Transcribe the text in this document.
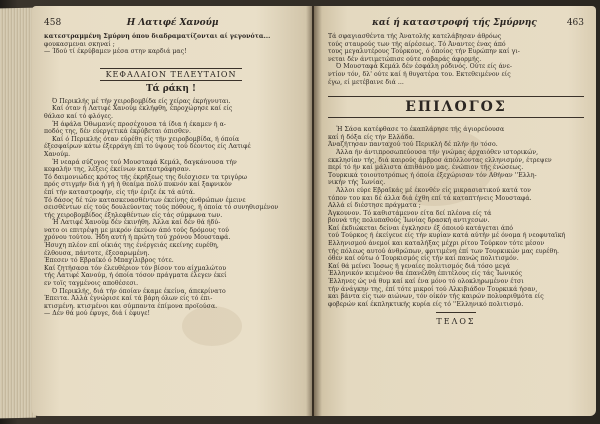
458	Η Λατιφέ Χανούμ
κατεστραμμένη Σμύρνη όπου διαδραματίζονται αί γεγονότα...
φουκασμεναι σκηναί ;
— Ίδού τί έκρύβαμεν μέσα στην καρδιά μας!
ΚΕΦΑΛΑΙΟΝ ΤΕΛΕΥΤΑΙΟΝ
Τά ράκη !
Ό Περικλής μέ τήν χειροβομβίδα είς χείρας έκρήγνυται.
Καί όταν ή Λατιφέ Χανούμ έκλήφθη, έπροχώρησε καί είς
θάλασ καί τό φλόγες.
Ή άφάλα Όθωμανίς προσέχουσα τά ίδια ή έκαμεν ή α-
ποδός της, δέν εύεργετικά έκρύβεται όπισθεν.
Καί ό Περικλής όταν εύρέθη είς τήν χειροβομβίδα, ή όποία
έξεσφαίρων κάτω έξερράγη έπί το ύψους τού δέοντος είς Λατιφέ
Χανούμ.
Ή νεαρά σύζυγος τού Μουσταφά Κεμάλ, δαγκάνουσα τήν
κεφαλήν της, λέξεις έκείνων κατεστράφησαν.
Τό δαιμονιώδες κρότος τής έκρήξεως της διέσχισεν τα τριγύρω
πρός στιγμήν διά ή γή ή θεαίμα πολύ πυκνόν καί ξαφνικόν
έπί τήν καταστροφήν, είς τήν έριζε έκ τά αύτά.
Τό δάσος δέ τών κατασκευασθέντων έκείνης άνθρώπων έμεινε
σεισθέντων είς τούς δουλεύοντας τούς πόθους, ή όποία τό συνηθισμένον
τής χειροβομβίδος έξηλεφθέντων είς τάς σύμφωνα των.
Ή Λατιφέ Χανούμ δέν έκινήθη. Άλλα καί δέν θά ήδύ-
νατο οι επιτρέψη με μικρόν έκεύων άπό τούς δρόμους τού
χρόνου τούτου. Ήδη αυτή ή πρώτη τού χρόνου Μουσταφά.
Ήσυχη πλέον επί οίκιάς της ένέργειάς εκείνης ευρέθη,
έλθουσα, πάντοτε, έξεσαρωμένη.
Έπεσεν τό Εβραϊκό ό Μπαχίλιβρος τότε.
Καί ζητήσασα τόν έλευθέριον τόν βίσον του αίχμαλώτου
τής Λατιφέ Χανούμ, ή όποία τόσον πράγματα έλεγεν έκεί
εν τοϊς ταγμένοις αποθέσεσι.
Ό Περικλής, διά τήν όποίαν έκαμε έκείνα, άπεκρίνατο
Έπειτα. Άλλά έγνώρισε καί τά βάρη όλων είς τό έπι-
κτισμένη. κτισμένοι και σύμπαντα έπίμονα προϊούσα.
— Δέν θά μού έφυγε, διά ί έφυγε!
καί ή καταστροφή τής Σμύρνης	463
Τά σφαγιασθέντα τής Άνατολής κατελάβησαν άθρόως
τούς σταυρούς των τής αίρέσεως. Τό Άναντες ένας άπό
τους μεγαλυτέρους Τούρκους, ό όποίος τήν Ευρώπην καί γι-
νεται δέν άντιμετώπισε ούτε σοβαράς άφορμής.
Ό Μουσταφά Κεμάλ δέν έσφάλη ρόδινός. Ούτε είς άνε-
ντίον τόν, δλ' ούτε καί ή θυγατέρα του. Εκτεθειμένον είς
έγω, εί μετέβαινε διά ...
ΕΠΙΛΟΓΟΣ
Ή Σάσα κατέφθασε το έκαπλάρησε τής άγιορεύουσα
καί ή δόξα είς τήν Ελλάδα.
Άναζήτησαν πανταχού τού Περικλή δέ πλήν ήν τόσο.
Άλλα ήν άντιπροσωπεύουσα τήν γνώμας άρχαιόθεν ιστορικών,
εκκλησίαν τής, διά καιρούς άμβροσ άπόλλοντας ελληνισμόν, έτρεψεν
περί τό ήν καί μάλιστα άπιθάνου μας. ένώπιον τής ένώσεως.
Τουρκικά τοιουτοτρόπως ή όποία έξεχώρισαν τόν Αθήναν ''Ελλη-
νικήν τής Ίωνίας.
Άλλοι εύρε Εβραϊκάς μέ έκονθέν είς μικρασιατικού κατά τον
τόπον του και δέ άλλα διά έχθη επί τά καταπτήνεις Μουσταφά.
Αλλά εί διέστησε πράγματα ;
Άγκουνον. Τό καθιστάμενον είτα δεί πλέονα είς τά
βουνά τής πολυπαθούς Ίωνίας δρασκή αντιχεσων.
Καί έκδιώκεται δείναι έγκλησεν έξ όποιού κατάγεται άπό
τού Τούρκος ή έκείγευε είς τήν κυρίαν κατά αύτήν μέ όνομα ή νεοφυταϊκή
Ελληνισμού άνεμοί και καταλήξας μέχρι ρίτου Τούρκον τότε μέσον
τής πόλεως αυτού άνθρώπων, φριτιμένη έπί των Τουρκικών μας ευρέθη.
όθεν καί ούτω ό Τουρκισμός είς τήν καί πανώς πολιτισμόν.
Καί θά μείνει Ίοσως ή γεναίες πολιτισμός διά τόσο μεγά
Έλληνικόν κειμένον θα έπανέλθη έπιτέλους είς τάς Ίωνικός
Έλληνες ώς νά θυμ καί καί ένα μόνο τό ολοκληρωμένον έτσι
τήν άνάγκην της, έπί τότε μικροί τού Αλκιβιάδον Τουρκικά ήσαν,
και βάντα είς των αιώνων, τόν οίκόν τής καιρών πολυαριθμότα είς
φοβερών καί έκπληκτικής κυρία είς τό ''Ελληνικό πολιτισμό.
ΤΕΛΟΣ
